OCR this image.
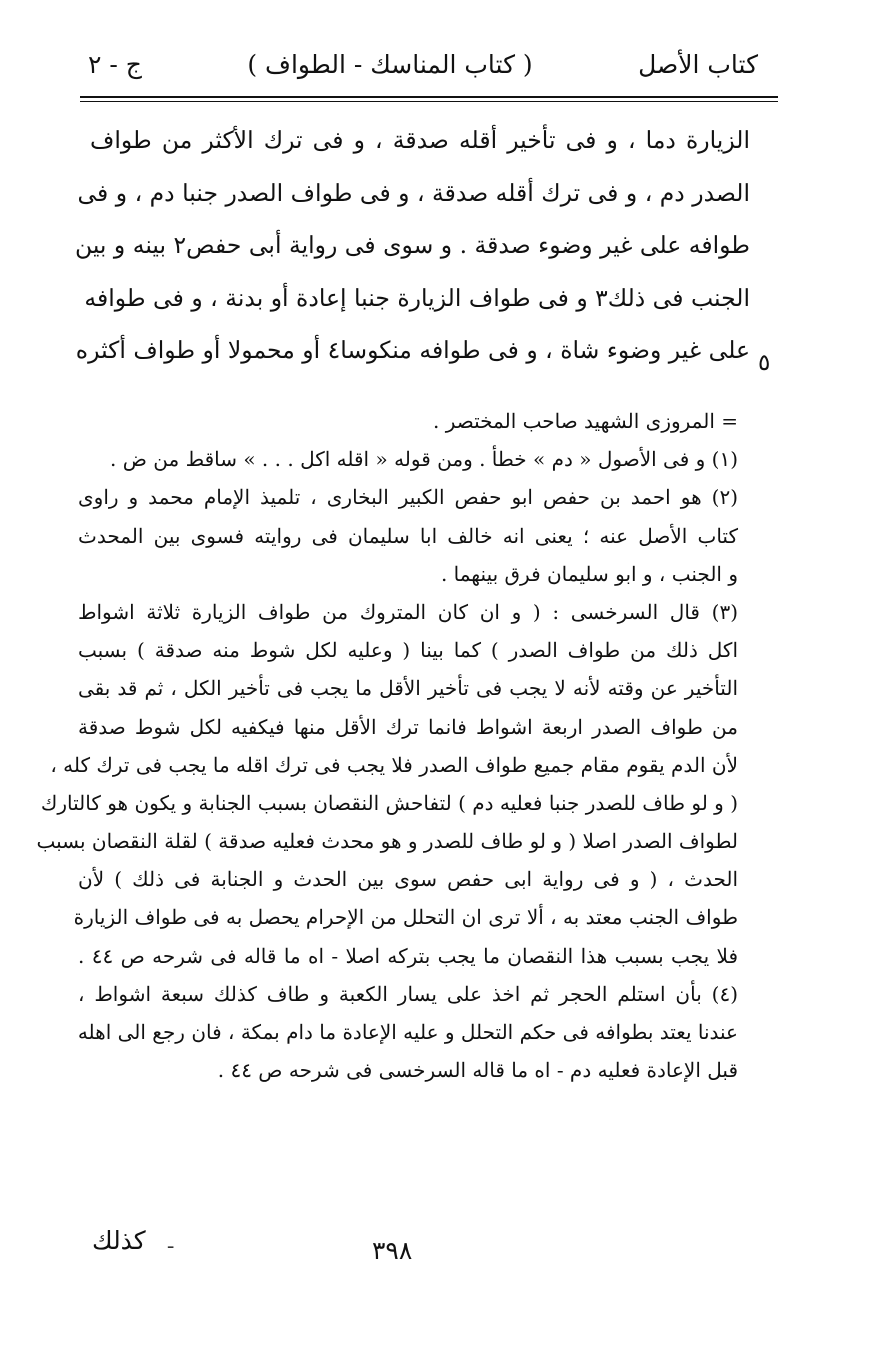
كتاب الأصل
( كتاب المناسك - الطواف )
ج - ٢
الزيارة دما ، و فى تأخير أقله صدقة ، و فى ترك الأكثر من طواف
الصدر دم ، و فى ترك أقله صدقة ، و فى طواف الصدر جنبا دم ، و فى
طوافه على غير وضوء صدقة . و سوى فى رواية أبى حفص٢ بينه و بين
الجنب فى ذلك٣ و فى طواف الزيارة جنبا إعادة أو بدنة ، و فى طوافه
على غير وضوء شاة ، و فى طوافه منكوسا٤ أو محمولا أو طواف أكثره ٥
= المروزى الشهيد صاحب المختصر .
(١) و فى الأصول « دم » خطأ . ومن قوله « اقله اكل . . . » ساقط من ض .
(٢) هو احمد بن حفص ابو حفص الكبير البخارى ، تلميذ الإمام محمد و راوى
كتاب الأصل عنه ؛ يعنى انه خالف ابا سليمان فى روايته فسوى بين المحدث
و الجنب ، و ابو سليمان فرق بينهما .
(٣) قال السرخسى : ( و ان كان المتروك من طواف الزيارة ثلاثة اشواط
اكل ذلك من طواف الصدر ) كما بينا ( وعليه لكل شوط منه صدقة ) بسبب
التأخير عن وقته لأنه لا يجب فى تأخير الأقل ما يجب فى تأخير الكل ، ثم قد بقى
من طواف الصدر اربعة اشواط فانما ترك الأقل منها فيكفيه لكل شوط صدقة
لأن الدم يقوم مقام جميع طواف الصدر فلا يجب فى ترك اقله ما يجب فى ترك كله ،
( و لو طاف للصدر جنبا فعليه دم ) لتفاحش النقصان بسبب الجنابة و يكون هو كالتارك
لطواف الصدر اصلا ( و لو طاف للصدر و هو محدث فعليه صدقة ) لقلة النقصان بسبب
الحدث ، ( و فى رواية ابى حفص سوى بين الحدث و الجنابة فى ذلك ) لأن
طواف الجنب معتد به ، ألا ترى ان التحلل من الإحرام يحصل به فى طواف الزيارة
فلا يجب بسبب هذا النقصان ما يجب بتركه اصلا - اه ما قاله فى شرحه ص ٤٤ .
(٤) بأن استلم الحجر ثم اخذ على يسار الكعبة و طاف كذلك سبعة اشواط ،
عندنا يعتد بطوافه فى حكم التحلل و عليه الإعادة ما دام بمكة ، فان رجع الى اهله
قبل الإعادة فعليه دم - اه ما قاله السرخسى فى شرحه ص ٤٤ .
كذلك ـ	٣٩٨
